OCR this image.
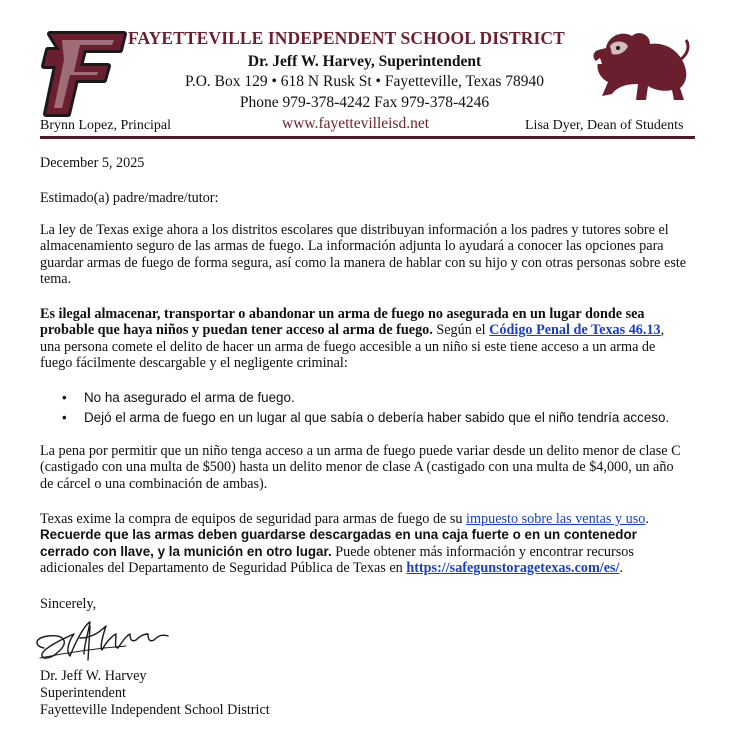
FAYETTEVILLE INDEPENDENT SCHOOL DISTRICT
Dr. Jeff W. Harvey, Superintendent
P.O. Box 129 • 618 N Rusk St • Fayetteville, Texas 78940
Phone 979-378-4242 Fax 979-378-4246
Brynn Lopez, Principal	www.fayettevilleisd.net	Lisa Dyer, Dean of Students
December 5, 2025
Estimado(a) padre/madre/tutor:
La ley de Texas exige ahora a los distritos escolares que distribuyan información a los padres y tutores sobre el almacenamiento seguro de las armas de fuego. La información adjunta lo ayudará a conocer las opciones para guardar armas de fuego de forma segura, así como la manera de hablar con su hijo y con otras personas sobre este tema.
Es ilegal almacenar, transportar o abandonar un arma de fuego no asegurada en un lugar donde sea probable que haya niños y puedan tener acceso al arma de fuego. Según el Código Penal de Texas 46.13, una persona comete el delito de hacer un arma de fuego accesible a un niño si este tiene acceso a un arma de fuego fácilmente descargable y el negligente criminal:
• No ha asegurado el arma de fuego.
• Dejó el arma de fuego en un lugar al que sabía o debería haber sabido que el niño tendría acceso.
La pena por permitir que un niño tenga acceso a un arma de fuego puede variar desde un delito menor de clase C (castigado con una multa de $500) hasta un delito menor de clase A (castigado con una multa de $4,000, un año de cárcel o una combinación de ambas).
Texas exime la compra de equipos de seguridad para armas de fuego de su impuesto sobre las ventas y uso.
Recuerde que las armas deben guardarse descargadas en una caja fuerte o en un contenedor cerrado con llave, y la munición en otro lugar. Puede obtener más información y encontrar recursos adicionales del Departamento de Seguridad Pública de Texas en https://safegunstoragetexas.com/es/.
Sincerely,
Dr. Jeff W. Harvey
Superintendent
Fayetteville Independent School District
